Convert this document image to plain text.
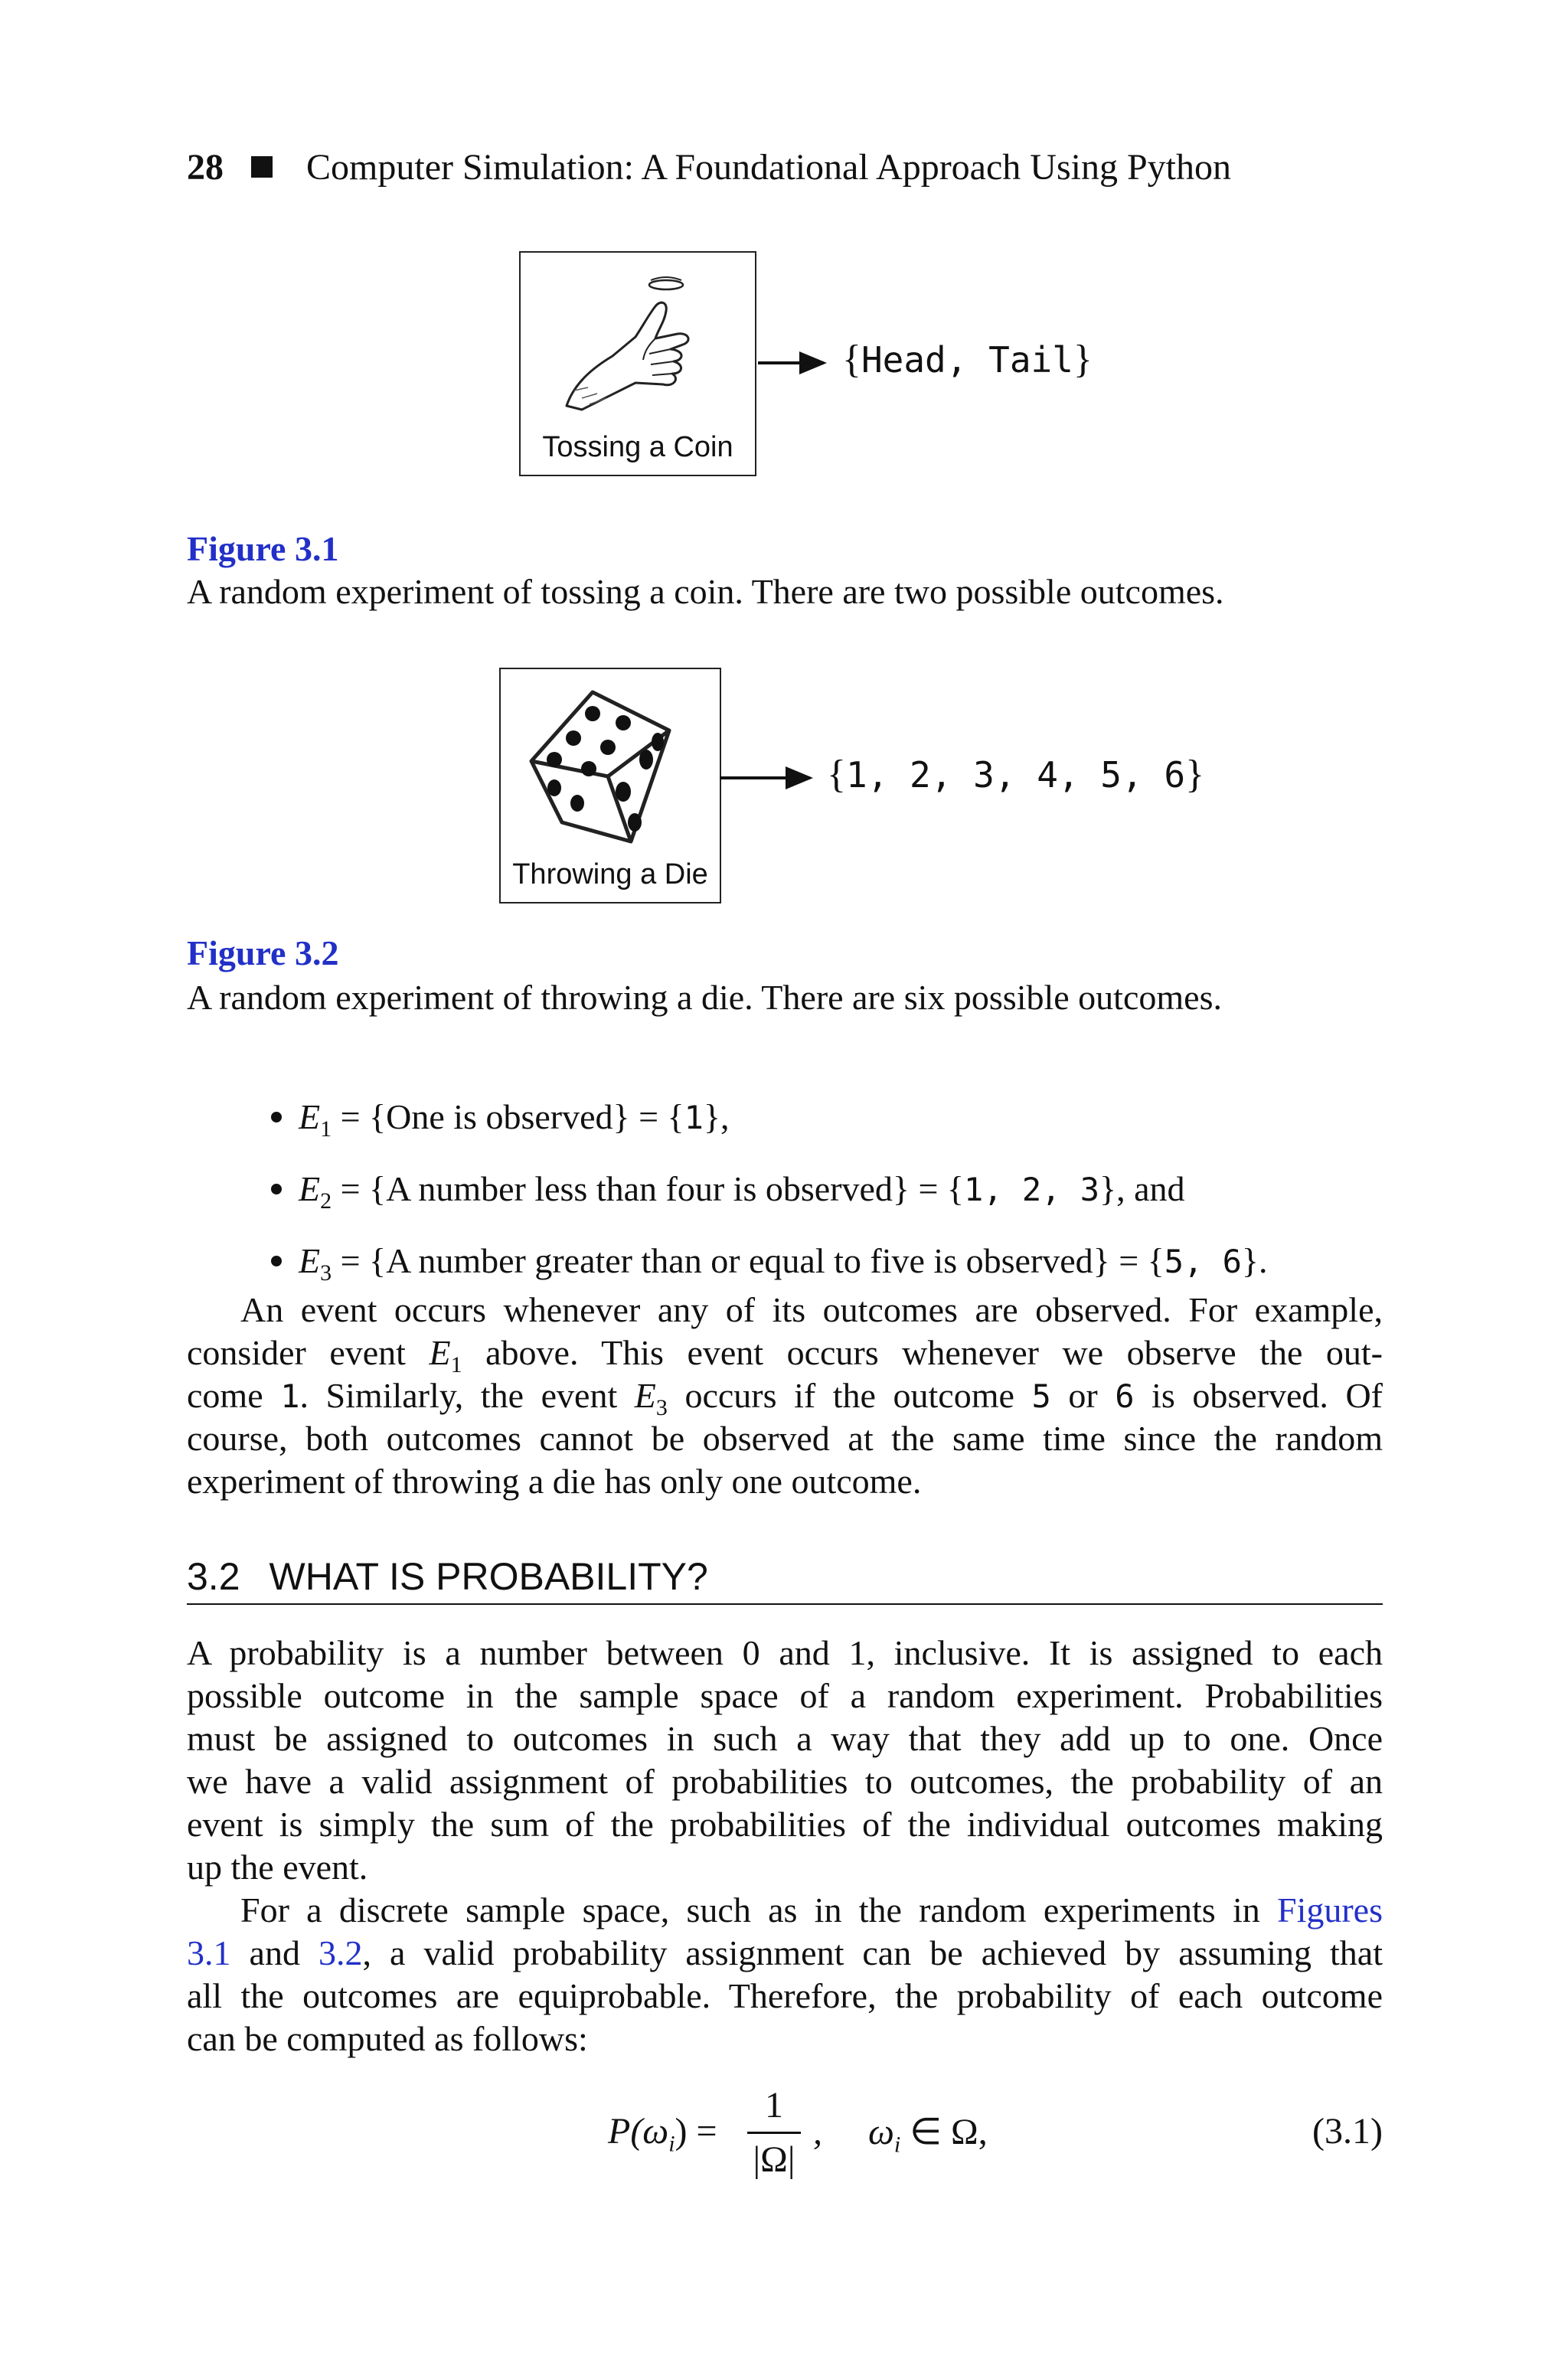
28 Computer Simulation: A Foundational Approach Using Python
Tossing a Coin
{Head, Tail}
Figure 3.1
A random experiment of tossing a coin. There are two possible outcomes.
Throwing a Die
{1, 2, 3, 4, 5, 6}
Figure 3.2
A random experiment of throwing a die. There are six possible outcomes.
$E_1 = \{One$ is observed} = {1},
$E_2 = \{A$ number less than four is observed} = {1, 2, 3}, and
$E_3 = \{A$ number greater than or equal to five is observed} = {5, 6}.
An event occurs whenever any of its outcomes are observed. For example,
consider event $E_1$ above. This event occurs whenever we observe the out-
come 1. Similarly, the event $E_3$ occurs if the outcome 5 or 6 is observed. Of
course, both outcomes cannot be observed at the same time since the random
experiment of throwing a die has only one outcome.
3.2 WHAT IS PROBABILITY?
A probability is a number between 0 and 1, inclusive. It is assigned to each
possible outcome in the sample space of a random experiment. Probabilities
must be assigned to outcomes in such a way that they add up to one. Once
we have a valid assignment of probabilities to outcomes, the probability of an
event is simply the sum of the probabilities of the individual outcomes making
up the event.
For a discrete sample space, such as in the random experiments in Figures
3.1 and 3.2, a valid probability assignment can be achieved by assuming that
all the outcomes are equiprobable. Therefore, the probability of each outcome
can be computed as follows:
$P(\omega_i)$ =
1
|Ω|
,     $\omega_i$ ∈ Ω,	(3.1)
